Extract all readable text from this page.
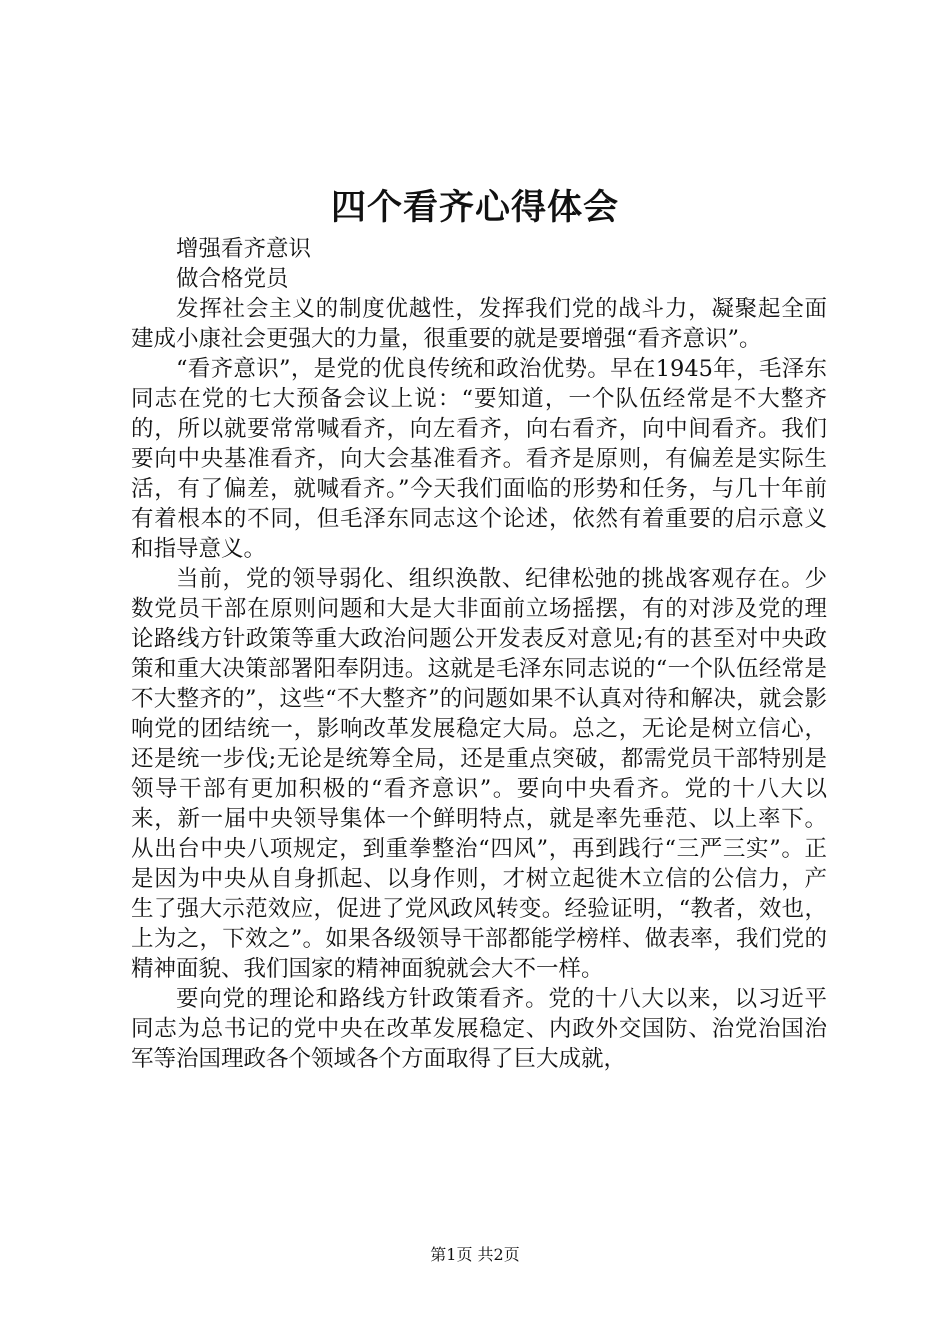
四个看齐心得体会

增强看齐意识

做合格党员

发挥社会主义的制度优越性，发挥我们党的战斗力，凝聚起全面建成小康社会更强大的力量，很重要的就是要增强“看齐意识”。

“看齐意识”，是党的优良传统和政治优势。早在1945年，毛泽东同志在党的七大预备会议上说：“要知道，一个队伍经常是不大整齐的，所以就要常常喊看齐，向左看齐，向右看齐，向中间看齐。我们要向中央基准看齐，向大会基准看齐。看齐是原则，有偏差是实际生活，有了偏差，就喊看齐。”今天我们面临的形势和任务，与几十年前有着根本的不同，但毛泽东同志这个论述，依然有着重要的启示意义和指导意义。

当前，党的领导弱化、组织涣散、纪律松弛的挑战客观存在。少数党员干部在原则问题和大是大非面前立场摇摆，有的对涉及党的理论路线方针政策等重大政治问题公开发表反对意见;有的甚至对中央政策和重大决策部署阳奉阴违。这就是毛泽东同志说的“一个队伍经常是不大整齐的”，这些“不大整齐”的问题如果不认真对待和解决，就会影响党的团结统一，影响改革发展稳定大局。总之，无论是树立信心，还是统一步伐;无论是统筹全局，还是重点突破，都需党员干部特别是领导干部有更加积极的“看齐意识”。要向中央看齐。党的十八大以来，新一届中央领导集体一个鲜明特点，就是率先垂范、以上率下。从出台中央八项规定，到重拳整治“四风”，再到践行“三严三实”。正是因为中央从自身抓起、以身作则，才树立起徙木立信的公信力，产生了强大示范效应，促进了党风政风转变。经验证明，“教者，效也，上为之，下效之”。如果各级领导干部都能学榜样、做表率，我们党的精神面貌、我们国家的精神面貌就会大不一样。

要向党的理论和路线方针政策看齐。党的十八大以来，以习近平同志为总书记的党中央在改革发展稳定、内政外交国防、治党治国治军等治国理政各个领域各个方面取得了巨大成就，

第1页 共2页
